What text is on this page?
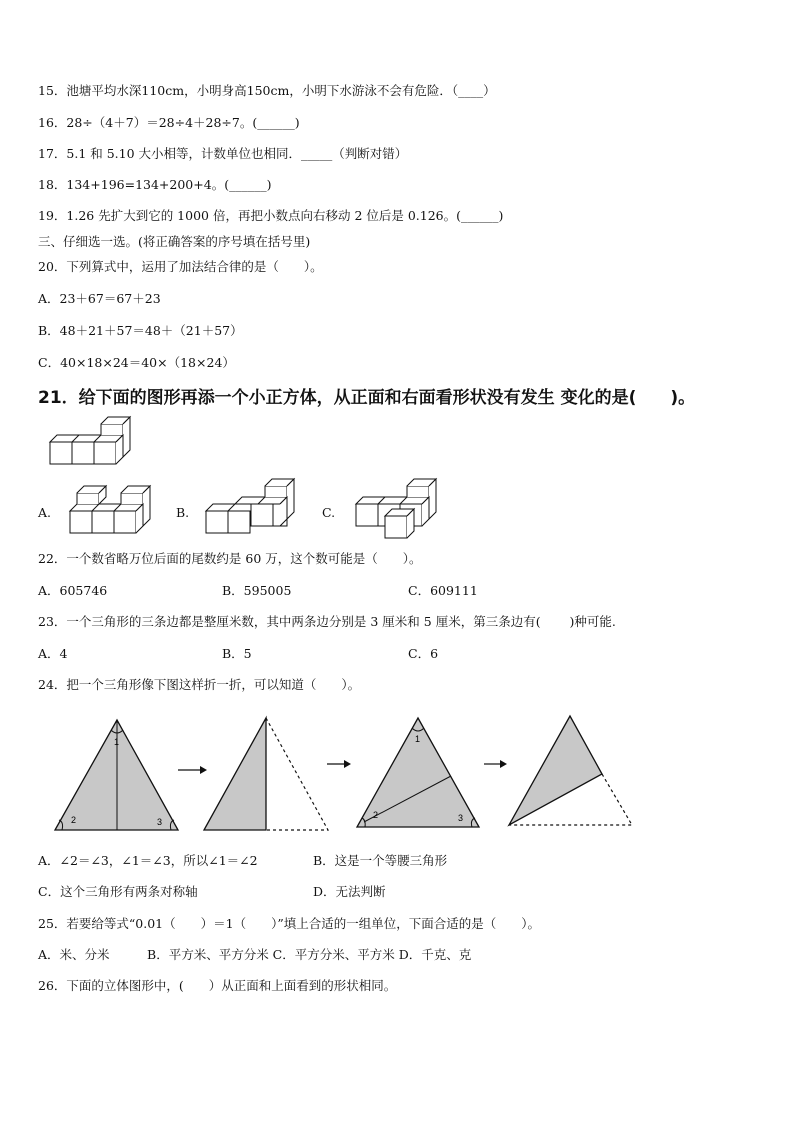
15．池塘平均水深110cm，小明身高150cm，小明下水游泳不会有危险．（____）
16．28÷（4＋7）＝28÷4＋28÷7。(______)
17．5.1 和 5.10 大小相等，计数单位也相同．_____（判断对错）
18．134+196=134+200+4。(______)
19．1.26 先扩大到它的 1000 倍，再把小数点向右移动 2 位后是 0.126。(______)
三、仔细选一选。(将正确答案的序号填在括号里)
20．下列算式中，运用了加法结合律的是（　　）。
A．23＋67＝67＋23
B．48＋21＋57＝48＋（21＋57）
C．40×18×24＝40×（18×24）
21．给下面的图形再添一个小正方体，从正面和右面看形状没有发生 变化的是(　　)。
A.	B.	C.
22．一个数省略万位后面的尾数约是 60 万，这个数可能是（　　）。
A．605746	B．595005	C．609111
23．一个三角形的三条边都是整厘米数，其中两条边分别是 3 厘米和 5 厘米，第三条边有(　　 )种可能.
A．4	B．5	C．6
24．把一个三角形像下图这样折一折，可以知道（　　）。
1
2	3
1
2	3
A．∠2＝∠3，∠1＝∠3，所以∠1＝∠2	B．这是一个等腰三角形
C．这个三角形有两条对称轴	D．无法判断
25．若要给等式“0.01（　　）＝1（　　）”填上合适的一组单位，下面合适的是（　　）。
A．米、分米　　　B．平方米、平方分米 C．平方分米、平方米 D．千克、克
26．下面的立体图形中，(　　）从正面和上面看到的形状相同。
